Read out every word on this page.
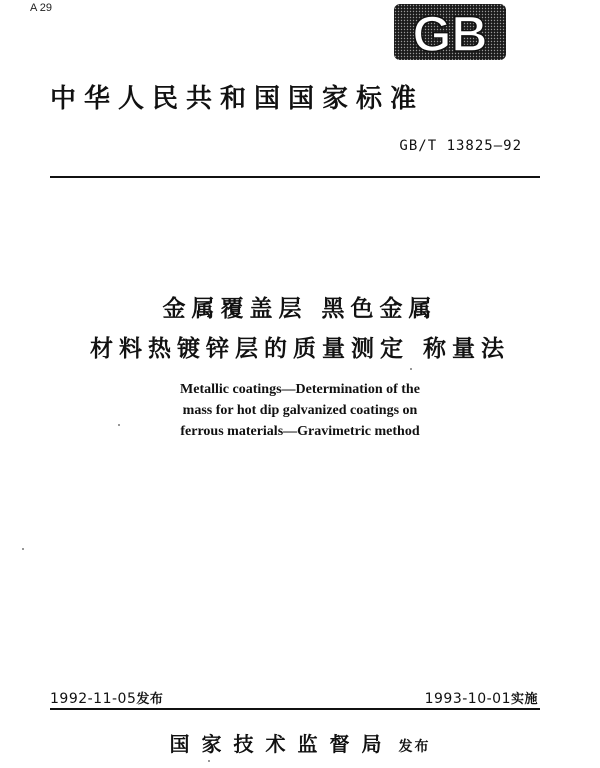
A 29	GB
中华人民共和国国家标准
GB/T 13825—92
金属覆盖层 黑色金属
材料热镀锌层的质量测定 称量法
Metallic coatings—Determination of the
mass for hot dip galvanized coatings on
ferrous materials—Gravimetric method
1992-11-05发布	1993-10-01实施
国家技术监督局 发布
